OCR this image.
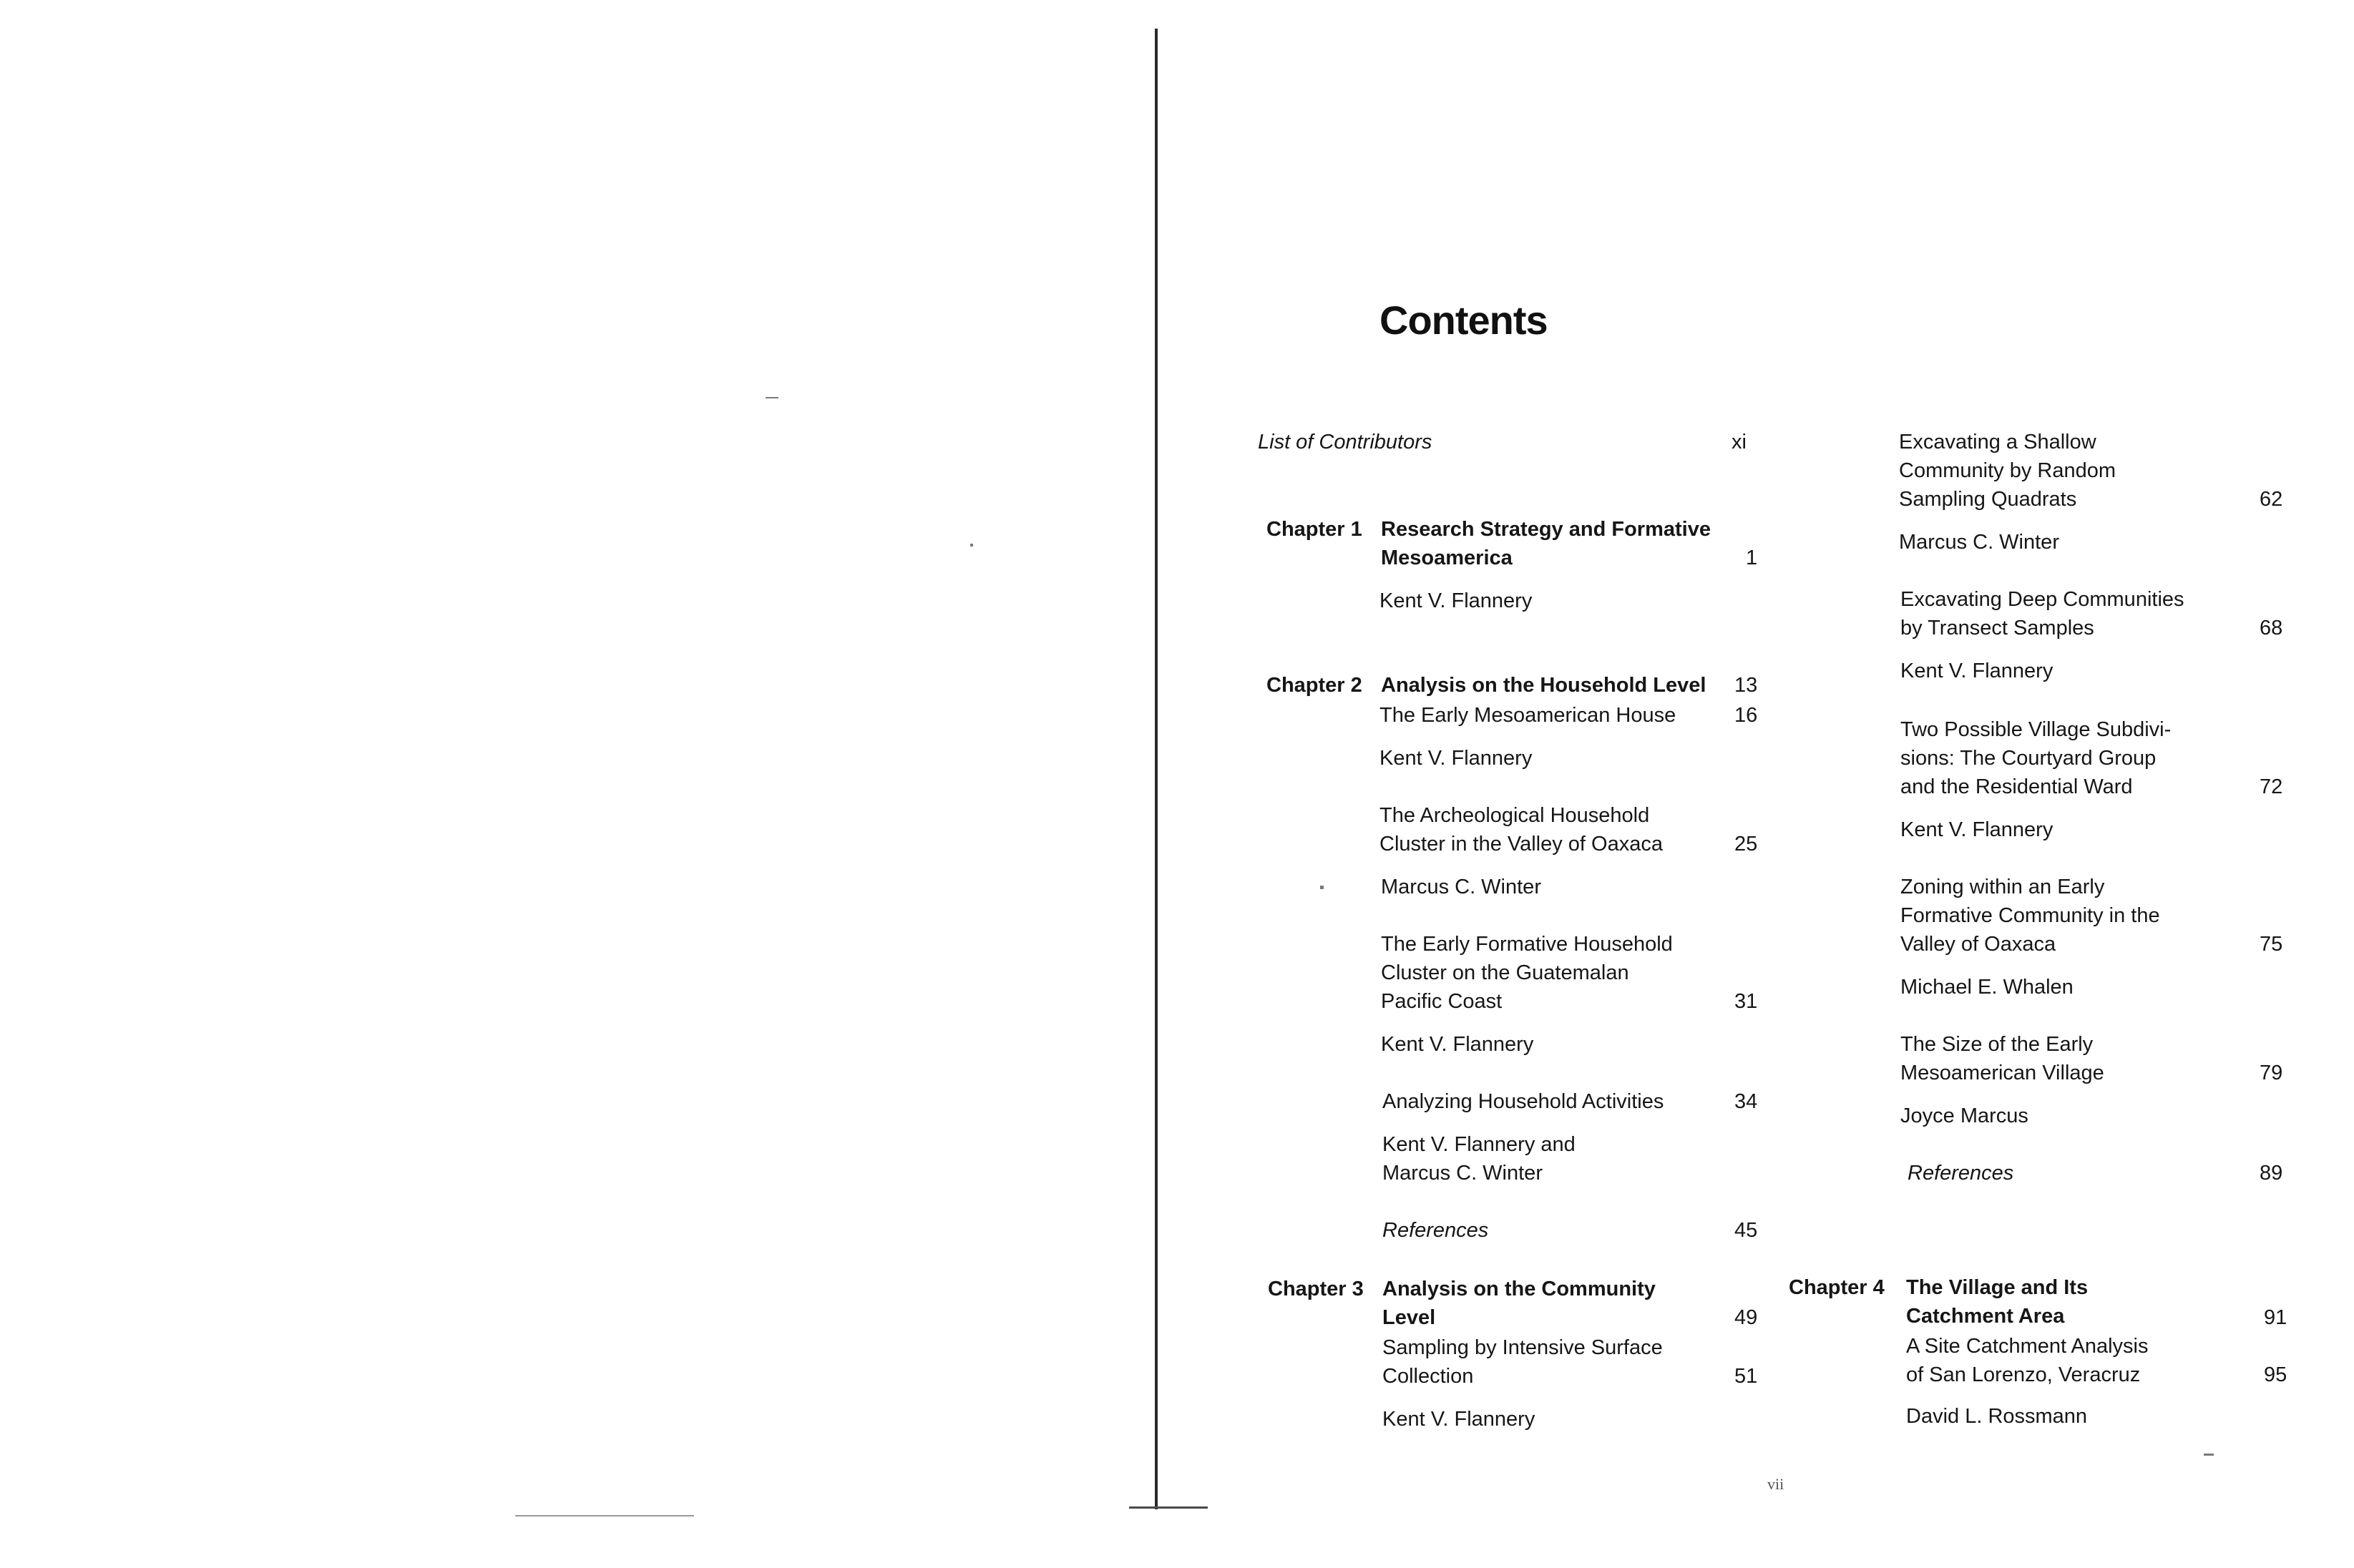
Contents
List of Contributors	xi
Chapter 1 Research Strategy and Formative
Mesoamerica	1
Kent V. Flannery
Chapter 2 Analysis on the Household Level 13
The Early Mesoamerican House	16
Kent V. Flannery
The Archeological Household
Cluster in the Valley of Oaxaca	25
Marcus C. Winter
The Early Formative Household
Cluster on the Guatemalan
Pacific Coast	31
Kent V. Flannery
Analyzing Household Activities	34
Kent V. Flannery and
Marcus C. Winter
References	45
Chapter 3 Analysis on the Community
Level	49
Sampling by Intensive Surface
Collection	51
Kent V. Flannery
Excavating a Shallow
Community by Random
Sampling Quadrats	62
Marcus C. Winter
Excavating Deep Communities
by Transect Samples	68
Kent V. Flannery
Two Possible Village Subdivi-
sions: The Courtyard Group
and the Residential Ward	72
Kent V. Flannery
Zoning within an Early
Formative Community in the
Valley of Oaxaca	75
Michael E. Whalen
The Size of the Early
Mesoamerican Village	79
Joyce Marcus
References	89
Chapter 4 The Village and Its
Catchment Area	91
A Site Catchment Analysis
of San Lorenzo, Veracruz	95
David L. Rossmann
vii
